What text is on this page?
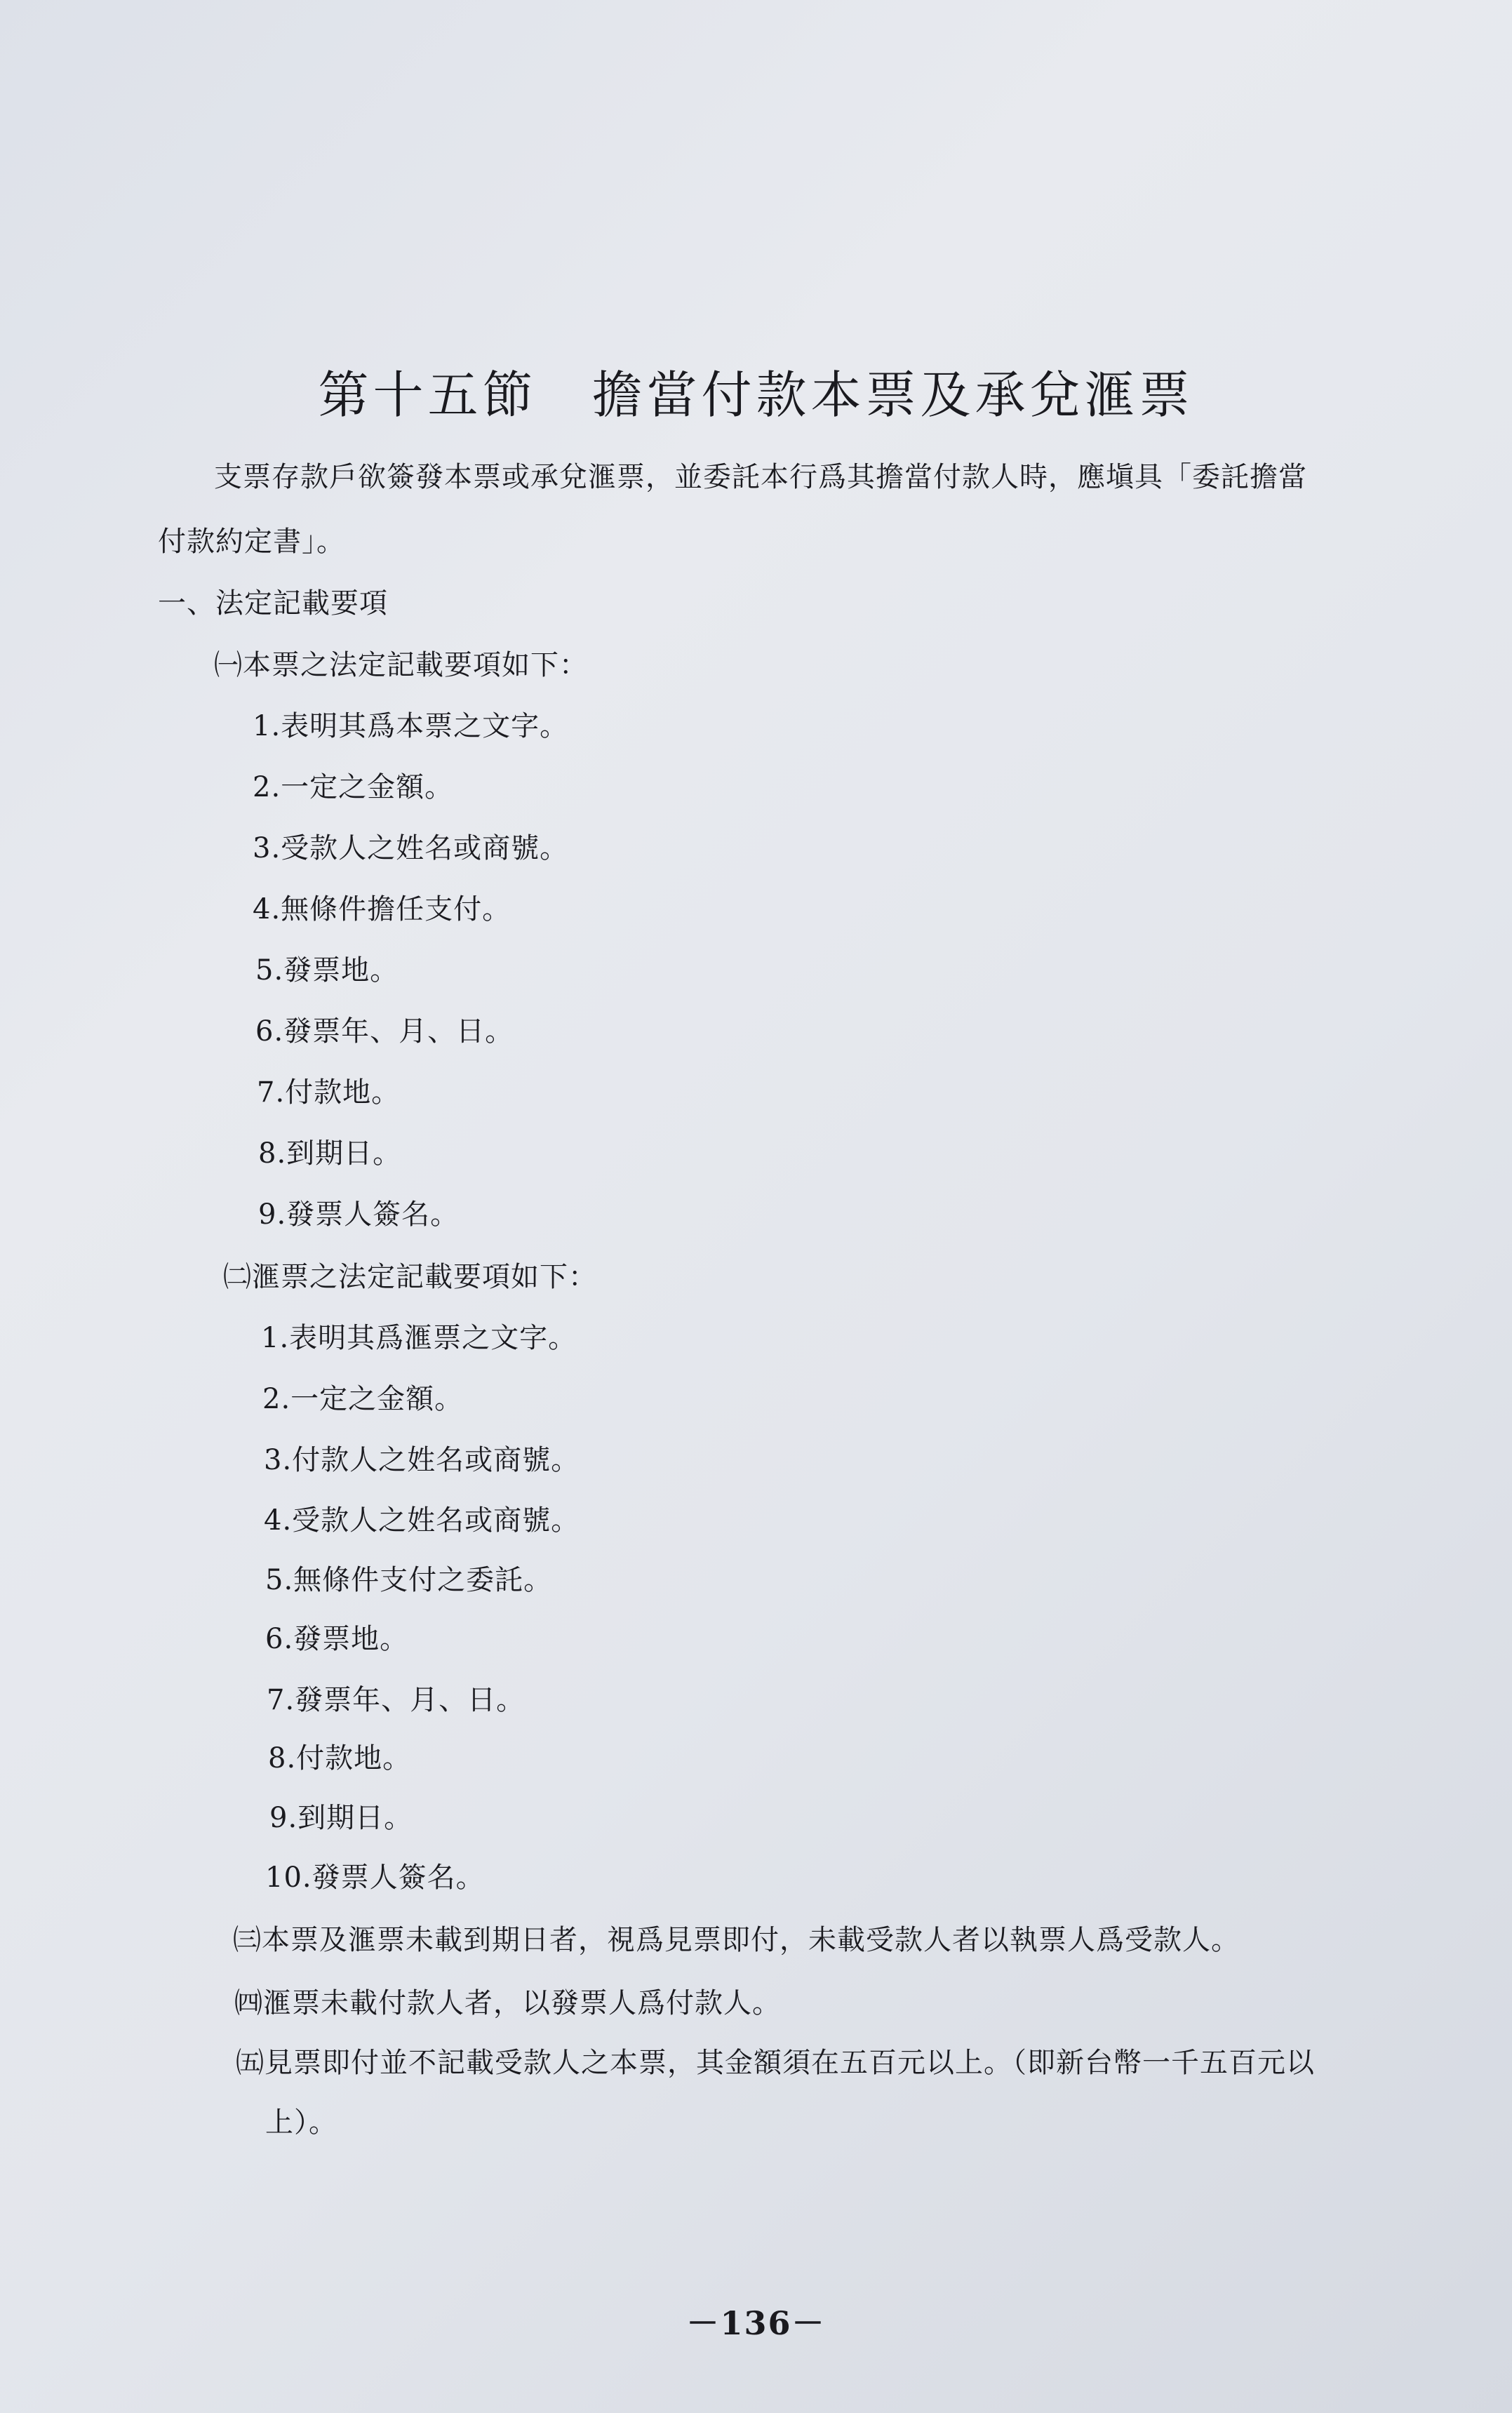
第十五節　擔當付款本票及承兌滙票
支票存款戶欲簽發本票或承兌滙票，並委託本行爲其擔當付款人時，應塡具「委託擔當
付款約定書」。
一、法定記載要項
㈠本票之法定記載要項如下：
1.表明其爲本票之文字。
2.一定之金額。
3.受款人之姓名或商號。
4.無條件擔任支付。
5.發票地。
6.發票年、月、日。
7.付款地。
8.到期日。
9.發票人簽名。
㈡滙票之法定記載要項如下：
1.表明其爲滙票之文字。
2.一定之金額。
3.付款人之姓名或商號。
4.受款人之姓名或商號。
5.無條件支付之委託。
6.發票地。
7.發票年、月、日。
8.付款地。
9.到期日。
10.發票人簽名。
㈢本票及滙票未載到期日者，視爲見票即付，未載受款人者以執票人爲受款人。
㈣滙票未載付款人者，以發票人爲付款人。
㈤見票即付並不記載受款人之本票，其金額須在五百元以上。（即新台幣一千五百元以
上）。
－136－
